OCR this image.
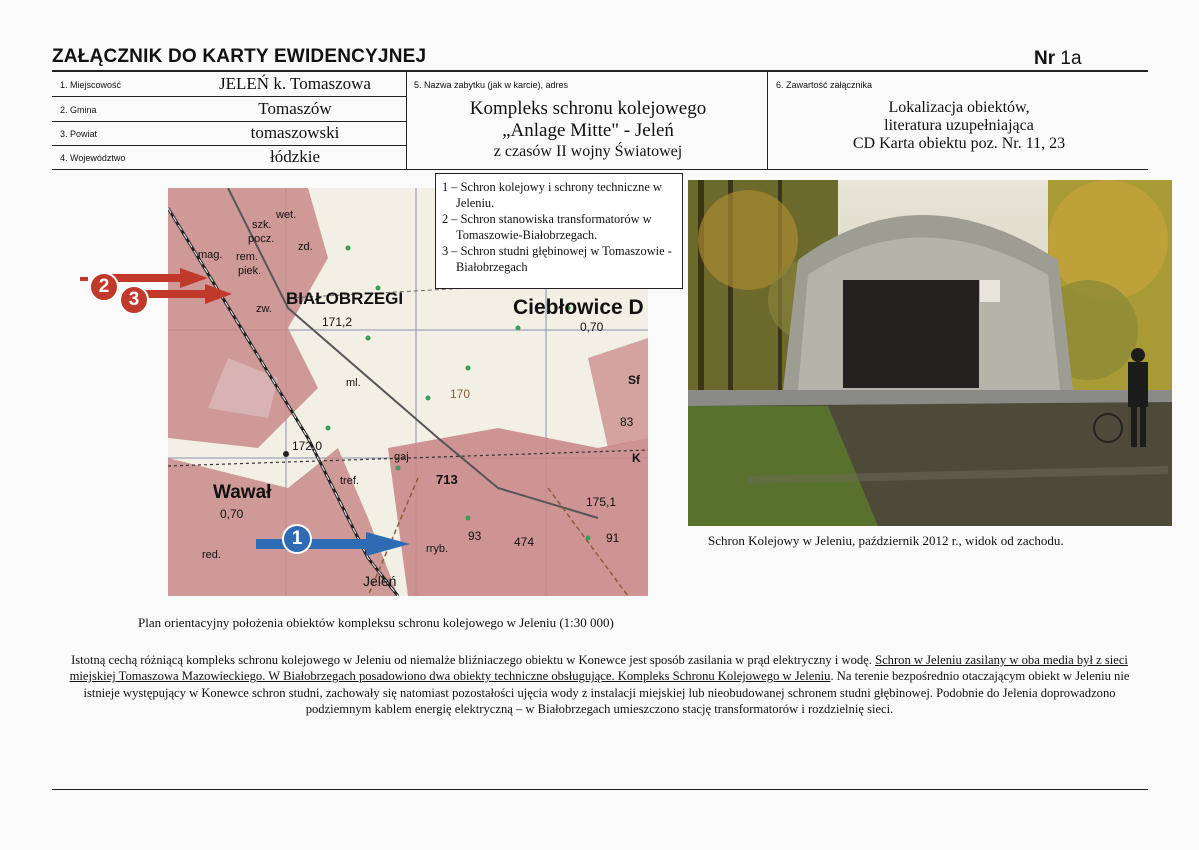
ZAŁĄCZNIK DO KARTY EWIDENCYJNEJ	Nr 1a
1. Miejscowość	JELEŃ k. Tomaszowa
2. Gmina	Tomaszów
3. Powiat	tomaszowski
4. Województwo	łódzkie
5. Nazwa zabytku (jak w karcie), adres
Kompleks schronu kolejowego
„Anlage Mitte" - Jeleń
z czasów II wojny Światowej
6. Zawartość załącznika
Lokalizacja obiektów,
literatura uzupełniająca
CD Karta obiektu poz. Nr. 11, 23
BIAŁOBRZEGI	Ciebłowice D
Wawał
Jeleń
171,2
172,0
175,1
170
0,70
0,70
713
83
93	474	91
szk.
pocz.
mag. rem.
piek.
zw.
zd.
wet.
ml.
gaj
tref.
rryb.
red.
Sf
K
2
3
1
1 – Schron kolejowy i schrony techniczne w Jeleniu.
2 – Schron stanowiska transformatorów w Tomaszowie-Białobrzegach.
3 – Schron studni głębinowej w Tomaszowie - Białobrzegach
Schron Kolejowy w Jeleniu, październik 2012 r., widok od zachodu.
Plan orientacyjny położenia obiektów kompleksu schronu kolejowego w Jeleniu (1:30 000)
Istotną cechą różniącą kompleks schronu kolejowego w Jeleniu od niemalże bliźniaczego obiektu w Konewce jest sposób zasilania w prąd elektryczny i wodę. Schron w Jeleniu zasilany w oba media był z sieci miejskiej Tomaszowa Mazowieckiego. W Białobrzegach posadowiono dwa obiekty techniczne obsługujące. Kompleks Schronu Kolejowego w Jeleniu. Na terenie bezpośrednio otaczającym obiekt w Jeleniu nie istnieje występujący w Konewce schron studni, zachowały się natomiast pozostałości ujęcia wody z instalacji miejskiej lub nieobudowanej schronem studni głębinowej. Podobnie do Jelenia doprowadzono podziemnym kablem energię elektryczną – w Białobrzegach umieszczono stację transformatorów i rozdzielnię sieci.
